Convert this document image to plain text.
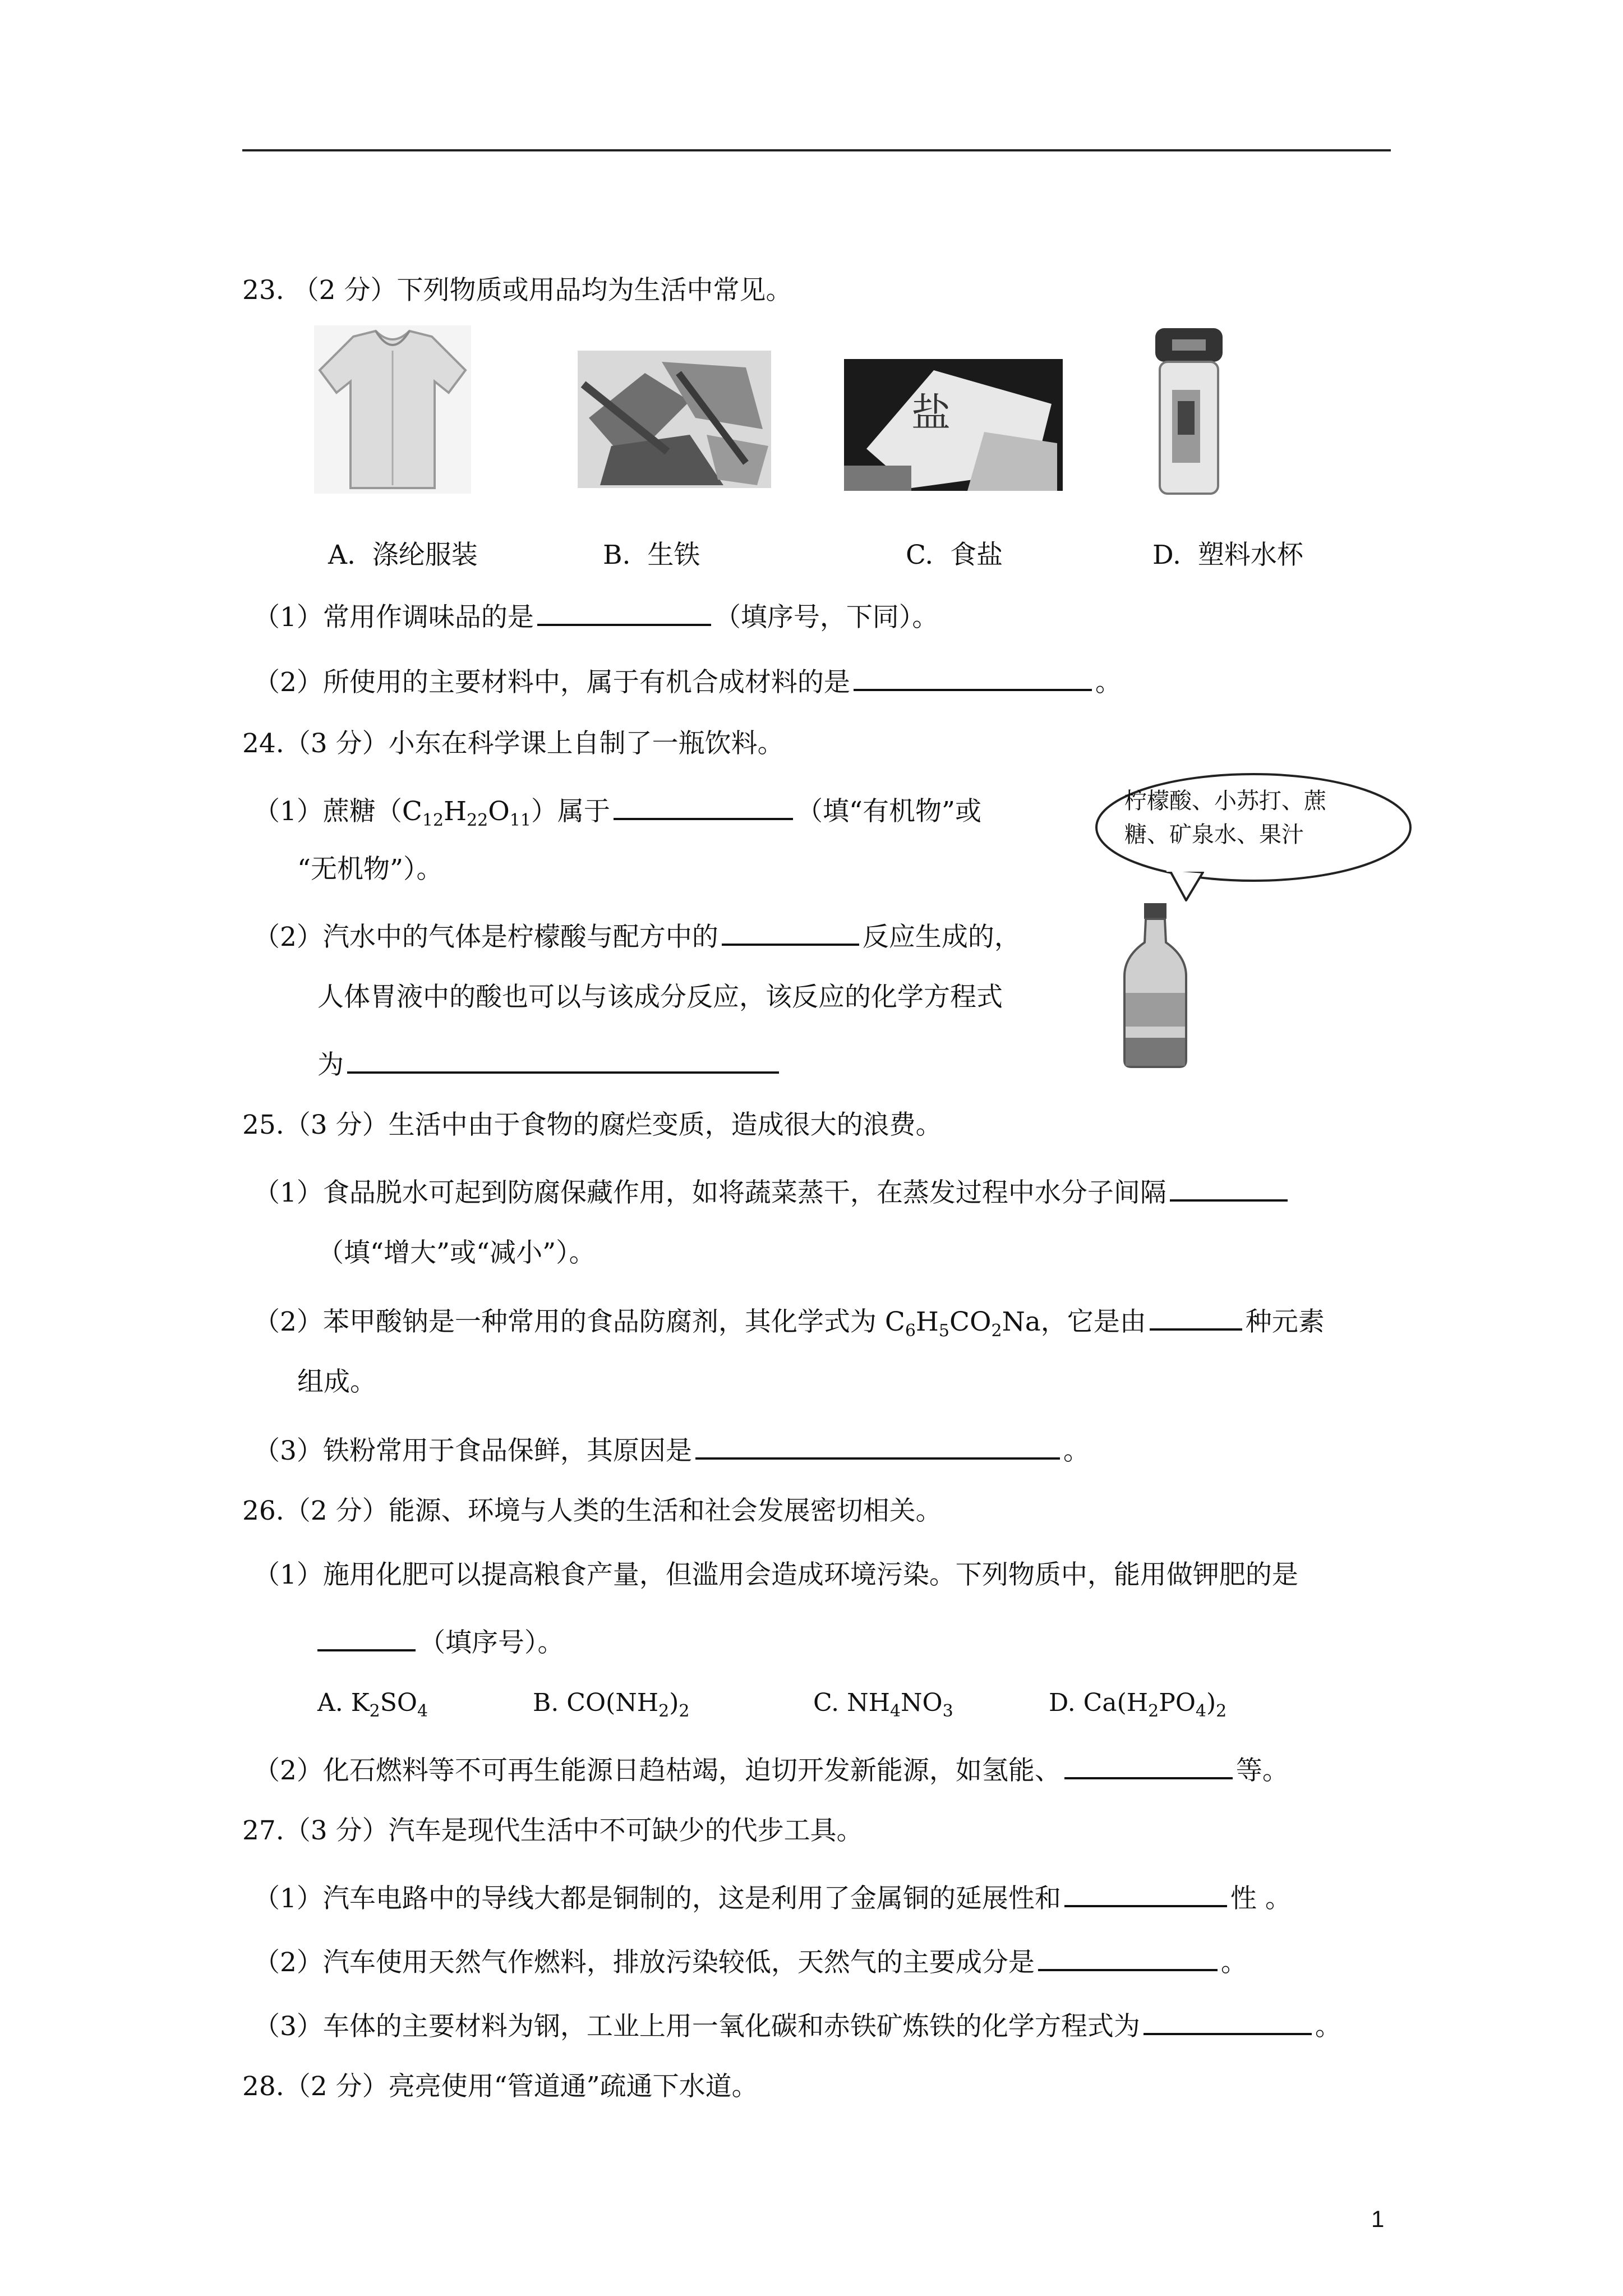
23. （2 分）下列物质或用品均为生活中常见。
盐
A. 涤纶服装	B. 生铁	C. 食盐	D. 塑料水杯
（1）常用作调味品的是	（填序号，下同）。
（2）所使用的主要材料中，属于有机合成材料的是	。
24.（3 分）小东在科学课上自制了一瓶饮料。
（1）蔗糖$(C_{12}H_{22}O_{11})$属于	（填“有机物”或
“无机物”）。
（2）汽水中的气体是柠檬酸与配方中的	反应生成的，
人体胃液中的酸也可以与该成分反应，该反应的化学方程式
为
柠檬酸、小苏打、蔗
糖、矿泉水、果汁
25.（3 分）生活中由于食物的腐烂变质，造成很大的浪费。
（1）食品脱水可起到防腐保藏作用，如将蔬菜蒸干，在蒸发过程中水分子间隔
（填“增大”或“减小”）。
（2）苯甲酸钠是一种常用的食品防腐剂，其化学式为 $C_6H_5CO_2Na$，它是由	种元素
组成。
（3）铁粉常用于食品保鲜，其原因是	。
26.（2 分）能源、环境与人类的生活和社会发展密切相关。
（1）施用化肥可以提高粮食产量，但滥用会造成环境污染。下列物质中，能用做钾肥的是
（填序号）。
A. $K_2SO_4$	B. $CO(NH_2)_2$	C. $NH_4NO_3$	D. $Ca(H_2PO_4)_2$
（2）化石燃料等不可再生能源日趋枯竭，迫切开发新能源，如氢能、	等。
27.（3 分）汽车是现代生活中不可缺少的代步工具。
（1）汽车电路中的导线大都是铜制的，这是利用了金属铜的延展性和	性 。
（2）汽车使用天然气作燃料，排放污染较低，天然气的主要成分是	。
（3）车体的主要材料为钢，工业上用一氧化碳和赤铁矿炼铁的化学方程式为	。
28.（2 分）亮亮使用“管道通”疏通下水道。
1
